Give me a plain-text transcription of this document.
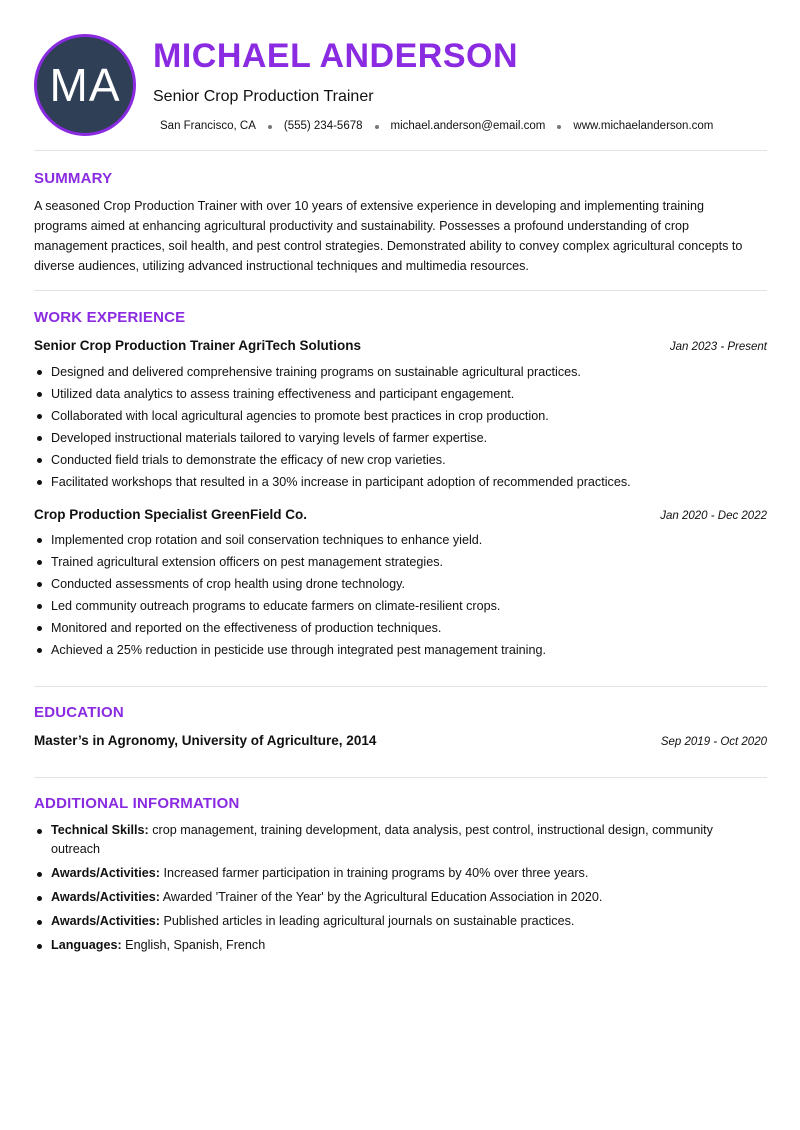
MA
MICHAEL ANDERSON
Senior Crop Production Trainer
San Francisco, CA (555) 234-5678 michael.anderson@email.com www.michaelanderson.com
SUMMARY
A seasoned Crop Production Trainer with over 10 years of extensive experience in developing and implementing training programs aimed at enhancing agricultural productivity and sustainability. Possesses a profound understanding of crop management practices, soil health, and pest control strategies. Demonstrated ability to convey complex agricultural concepts to diverse audiences, utilizing advanced instructional techniques and multimedia resources.
WORK EXPERIENCE
Senior Crop Production Trainer AgriTech Solutions	Jan 2023 - Present
Designed and delivered comprehensive training programs on sustainable agricultural practices.
Utilized data analytics to assess training effectiveness and participant engagement.
Collaborated with local agricultural agencies to promote best practices in crop production.
Developed instructional materials tailored to varying levels of farmer expertise.
Conducted field trials to demonstrate the efficacy of new crop varieties.
Facilitated workshops that resulted in a 30% increase in participant adoption of recommended practices.
Crop Production Specialist GreenField Co.	Jan 2020 - Dec 2022
Implemented crop rotation and soil conservation techniques to enhance yield.
Trained agricultural extension officers on pest management strategies.
Conducted assessments of crop health using drone technology.
Led community outreach programs to educate farmers on climate-resilient crops.
Monitored and reported on the effectiveness of production techniques.
Achieved a 25% reduction in pesticide use through integrated pest management training.
EDUCATION
Master’s in Agronomy, University of Agriculture, 2014	Sep 2019 - Oct 2020
ADDITIONAL INFORMATION
Technical Skills: crop management, training development, data analysis, pest control, instructional design, community outreach
Awards/Activities: Increased farmer participation in training programs by 40% over three years.
Awards/Activities: Awarded 'Trainer of the Year' by the Agricultural Education Association in 2020.
Awards/Activities: Published articles in leading agricultural journals on sustainable practices.
Languages: English, Spanish, French
